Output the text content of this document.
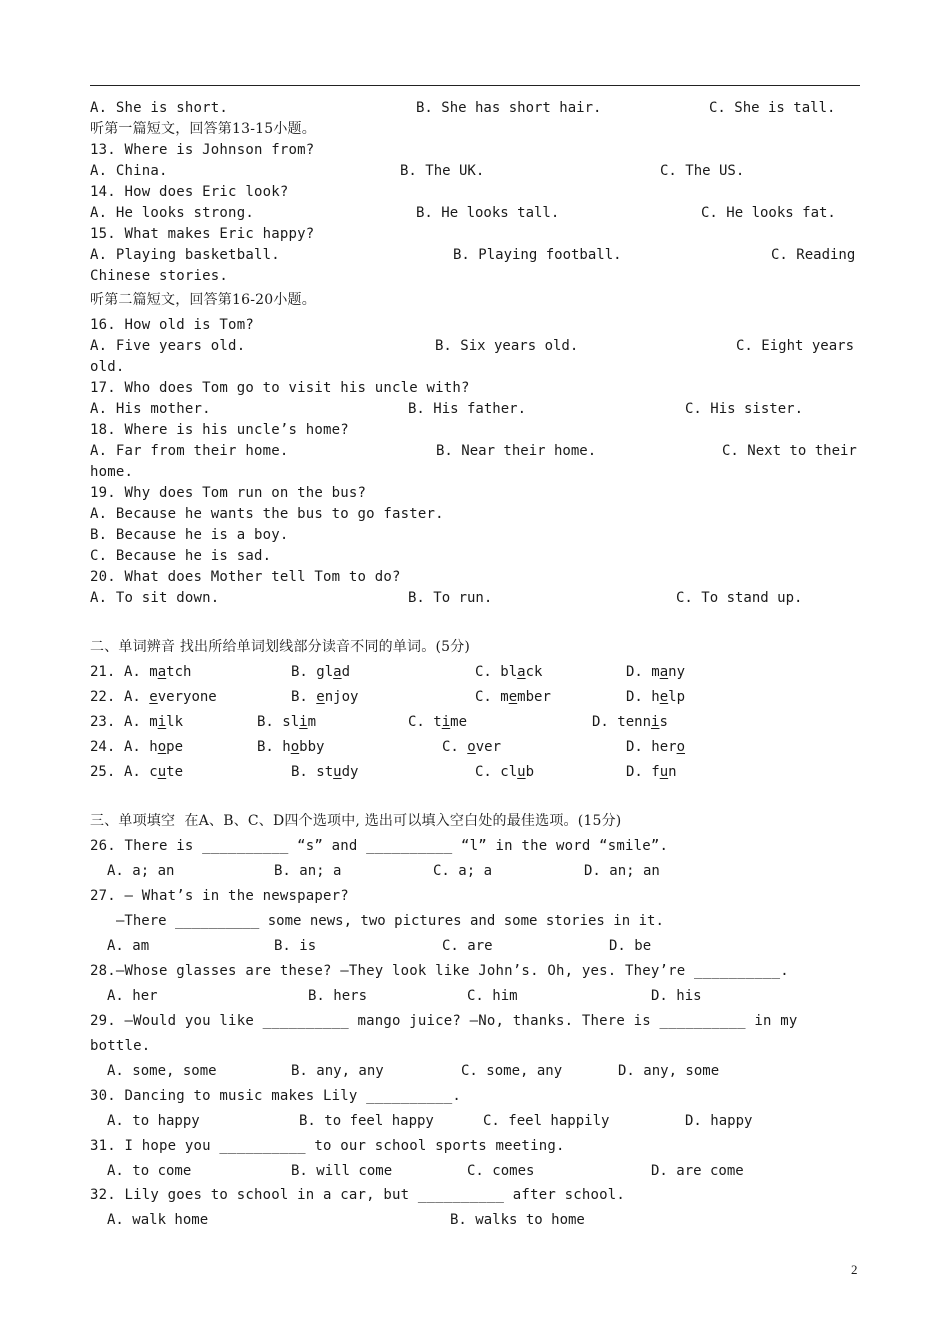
A. She is short.	B. She has short hair.	C. She is tall.
听第一篇短文，回答第13-15小题。
13. Where is Johnson from?
A. China.	B. The UK.	C. The US.
14. How does Eric look?
A. He looks strong.	B. He looks tall.	C. He looks fat.
15. What makes Eric happy?
A. Playing basketball.	B. Playing football.	C. Reading
Chinese stories.
听第二篇短文，回答第16-20小题。
16. How old is Tom?
A. Five years old.	B. Six years old.	C. Eight years
old.
17. Who does Tom go to visit his uncle with?
A. His mother.	B. His father.	C. His sister.
18. Where is his uncle’s home?
A. Far from their home.	B. Near their home.	C. Next to their
home.
19. Why does Tom run on the bus?
A. Because he wants the bus to go faster.
B. Because he is a boy.
C. Because he is sad.
20. What does Mother tell Tom to do?
A. To sit down.	B. To run.	C. To stand up.
二、单词辨音 找出所给单词划线部分读音不同的单词。(5分)
21. A. match	B. glad	C. black	D. many
22. A. everyone	B. enjoy	C. member	D. help
23. A. milk	B. slim	C. time	D. tennis
24. A. hope	B. hobby	C. over	D. hero
25. A. cute	B. study	C. club	D. fun
三、单项填空  在A、B、C、D四个选项中, 选出可以填入空白处的最佳选项。(15分)
26. There is __________ “s” and __________ “l” in the word “smile”.
A. a; an	B. an; a	C. a; a	D. an; an
27. — What’s in the newspaper?
—There __________ some news, two pictures and some stories in it.
A. am	B. is	C. are	D. be
28.—Whose glasses are these? —They look like John’s. Oh, yes. They’re __________.
A. her	B. hers	C. him	D. his
29. —Would you like __________ mango juice? —No, thanks. There is __________ in my
bottle.
A. some, some	B. any, any	C. some, any	D. any, some
30. Dancing to music makes Lily __________.
A. to happy	B. to feel happy	C. feel happily	D. happy
31. I hope you __________ to our school sports meeting.
A. to come	B. will come	C. comes	D. are come
32. Lily goes to school in a car, but __________ after school.
A. walk home	B. walks to home
2
